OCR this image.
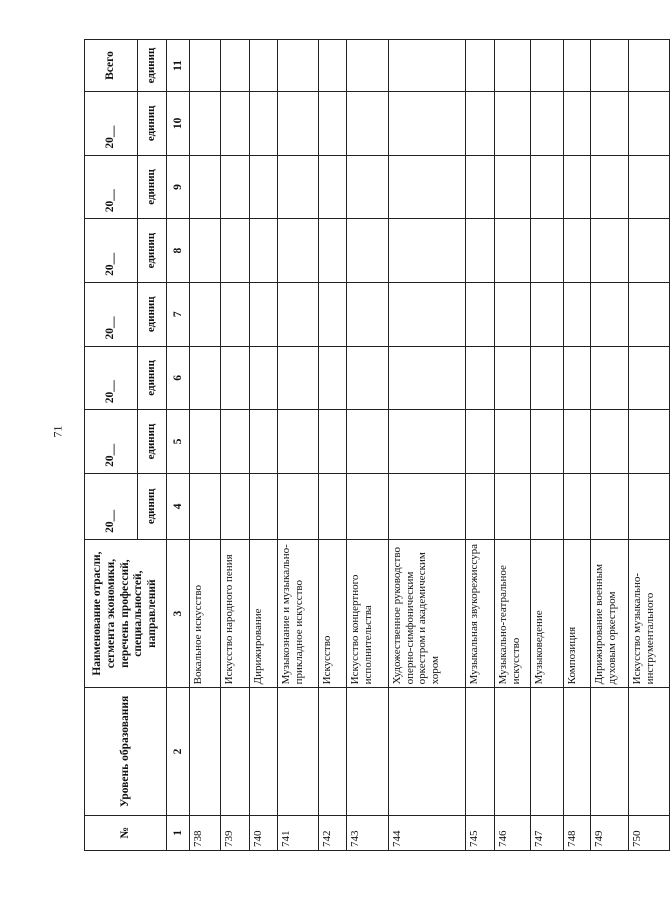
71
№	Уровень образования	Наименование отрасли, сегмента экономики, перечень профессий, специальностей, направлений	20__	20__	20__	20__	20__	20__	20__	Всего
			единиц	единиц	единиц	единиц	единиц	единиц	единиц	единиц
1	2	3	4	5	6	7	8	9	10	11
738		Вокальное искусство								
739		Искусство народного пения								
740		Дирижирование								
741		Музыкознание и музыкально-прикладное искусство								
742		Искусство								
743		Искусство концертного исполнительства								
744		Художественное руководство оперно-симфоническим оркестром и академическим хором								
745		Музыкальная звукорежиссура								
746		Музыкально-театральное искусство								
747		Музыковедение								
748		Композиция								
749		Дирижирование военным духовым оркестром								
750		Искусство музыкально-инструментального								
